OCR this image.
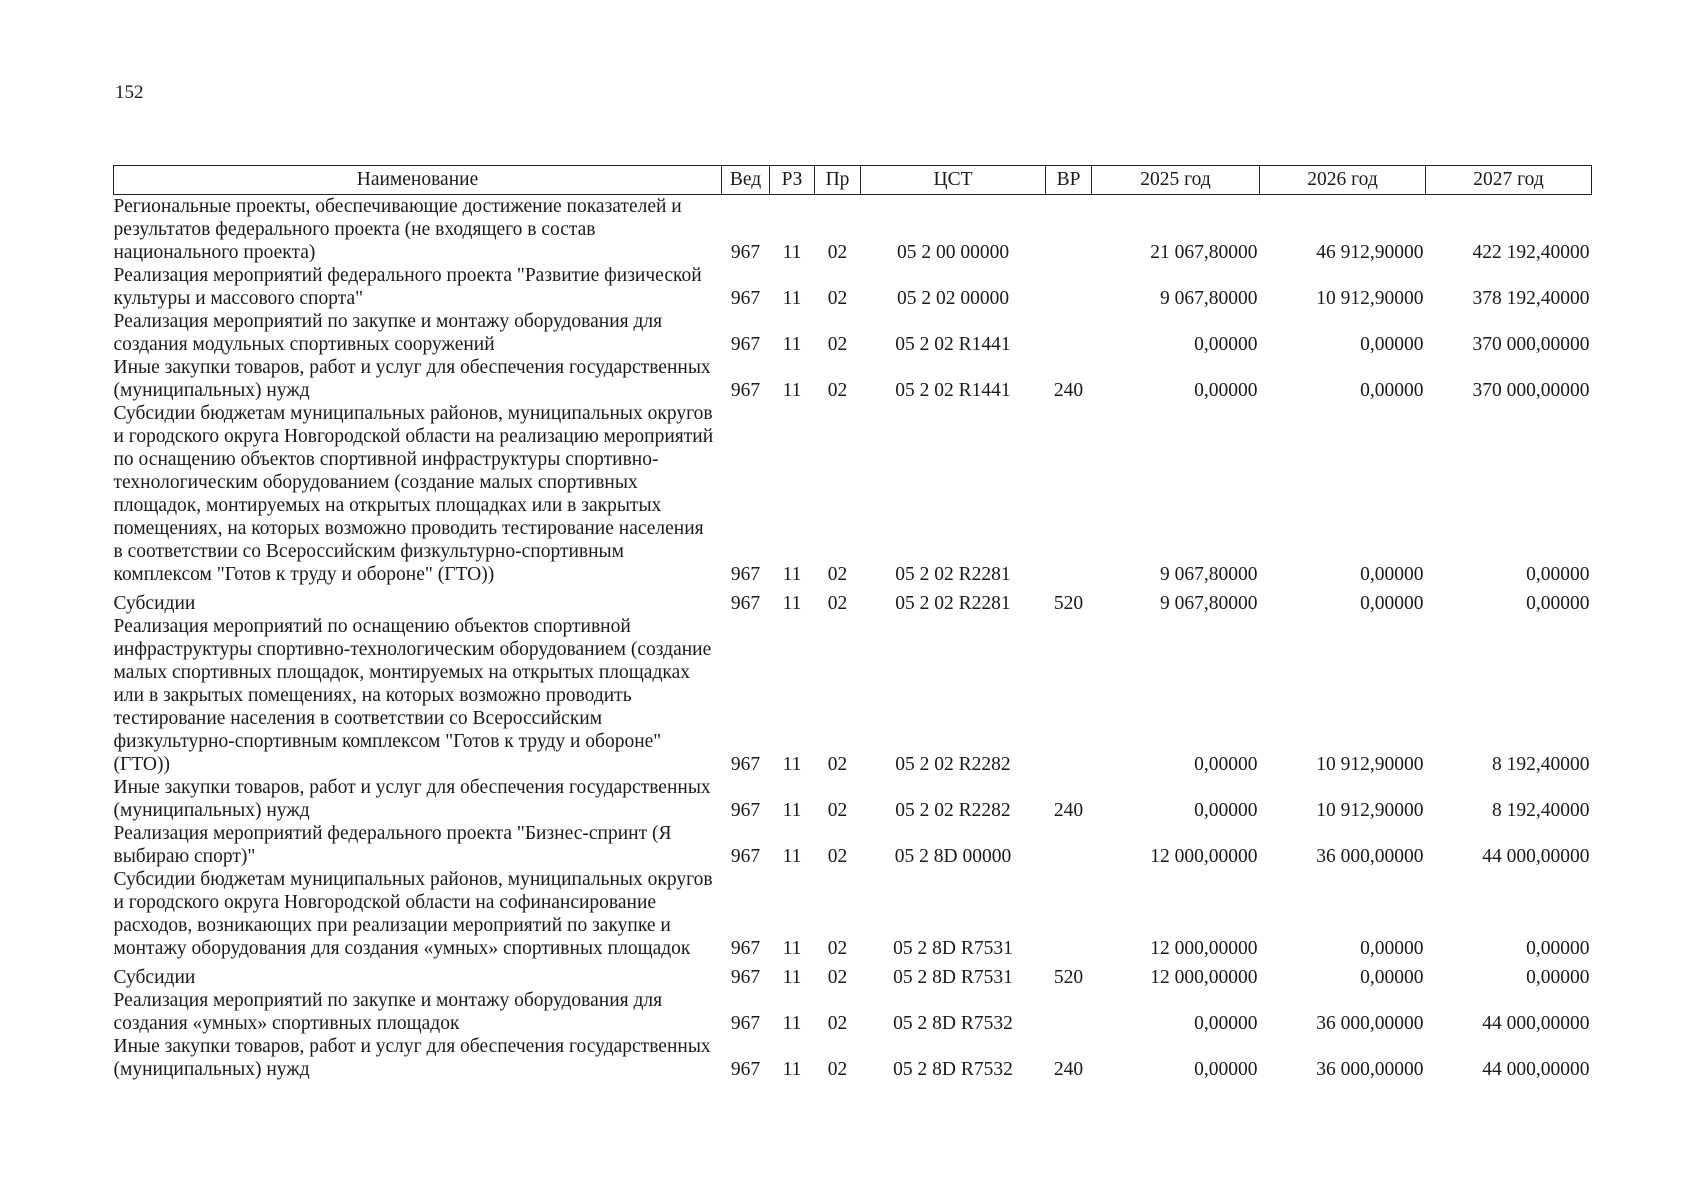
152
Наименование	Вед	РЗ	Пр	ЦСТ	ВР	2025 год	2026 год	2027 год
Региональные проекты, обеспечивающие достижение показателей и результатов федерального проекта (не входящего в состав национального проекта)	967	11	02	05 2 00 00000		21 067,80000	46 912,90000	422 192,40000
Реализация мероприятий федерального проекта "Развитие физической культуры и массового спорта"	967	11	02	05 2 02 00000		9 067,80000	10 912,90000	378 192,40000
Реализация мероприятий по закупке и монтажу оборудования для создания модульных спортивных сооружений	967	11	02	05 2 02 R1441		0,00000	0,00000	370 000,00000
Иные закупки товаров, работ и услуг для обеспечения государственных (муниципальных) нужд	967	11	02	05 2 02 R1441	240	0,00000	0,00000	370 000,00000
Субсидии бюджетам муниципальных районов, муниципальных округов и городского округа Новгородской области на реализацию мероприятий по оснащению объектов спортивной инфраструктуры спортивно-технологическим оборудованием (создание малых спортивных площадок, монтируемых на открытых площадках или в закрытых помещениях, на которых возможно проводить тестирование населения в соответствии со Всероссийским физкультурно-спортивным комплексом "Готов к труду и обороне" (ГТО))	967	11	02	05 2 02 R2281		9 067,80000	0,00000	0,00000
Субсидии	967	11	02	05 2 02 R2281	520	9 067,80000	0,00000	0,00000
Реализация мероприятий по оснащению объектов спортивной инфраструктуры спортивно-технологическим оборудованием (создание малых спортивных площадок, монтируемых на открытых площадках или в закрытых помещениях, на которых возможно проводить тестирование населения в соответствии со Всероссийским физкультурно-спортивным комплексом "Готов к труду и обороне" (ГТО))	967	11	02	05 2 02 R2282		0,00000	10 912,90000	8 192,40000
Иные закупки товаров, работ и услуг для обеспечения государственных (муниципальных) нужд	967	11	02	05 2 02 R2282	240	0,00000	10 912,90000	8 192,40000
Реализация мероприятий федерального проекта "Бизнес-спринт (Я выбираю спорт)"	967	11	02	05 2 8D 00000		12 000,00000	36 000,00000	44 000,00000
Субсидии бюджетам муниципальных районов, муниципальных округов и городского округа Новгородской области на софинансирование расходов, возникающих при реализации мероприятий по закупке и монтажу оборудования для создания «умных» спортивных площадок	967	11	02	05 2 8D R7531		12 000,00000	0,00000	0,00000
Субсидии	967	11	02	05 2 8D R7531	520	12 000,00000	0,00000	0,00000
Реализация мероприятий по закупке и монтажу оборудования для создания «умных» спортивных площадок	967	11	02	05 2 8D R7532		0,00000	36 000,00000	44 000,00000
Иные закупки товаров, работ и услуг для обеспечения государственных (муниципальных) нужд	967	11	02	05 2 8D R7532	240	0,00000	36 000,00000	44 000,00000
